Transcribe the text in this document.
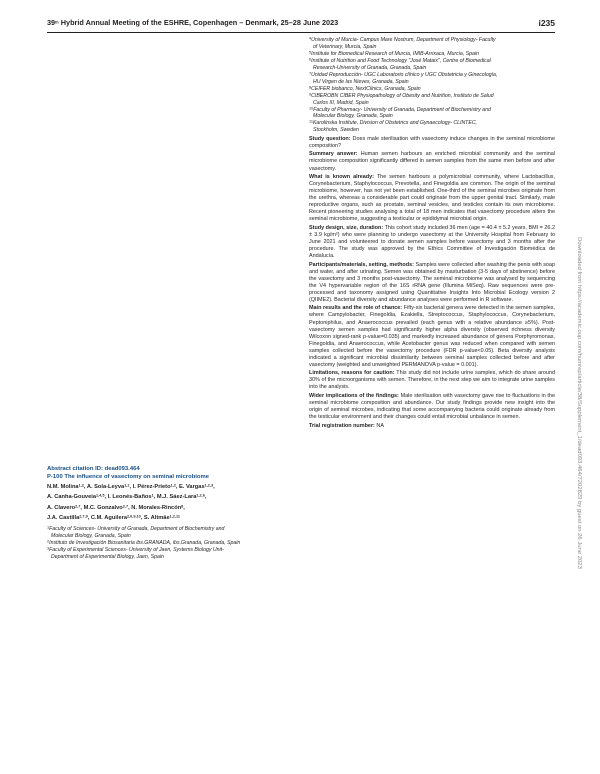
39th Hybrid Annual Meeting of the ESHRE, Copenhagen – Denmark, 25–28 June 2023	i235
Downloaded from https://academic.oup.com/humrep/article/38/Supplement_1/dead093.464/7202829 by guest on 26 June 2023

Abstract citation ID: dead093.464

P-100 The influence of vasectomy on seminal microbiome

N.M. Molina$^{1,2}$, A. Sola-Leyva$^{1,2}$, I. Pérez-Prieto$^{1,2}$, E. Vargas$^{1,2,3}$,

A. Canha-Gouveia$^{1,4,5}$, I. Leonés-Baños$^1$, M.J. Sáez-Lara$^{1,2,6}$,

A. Clavero$^{2,7}$, M.C. Gonzalvo$^{2,7}$, N. Morales-Rincón$^8$,

J.A. Castilla$^{2,7,9}$, C.M. Aguilera$^{2,6,9,10}$, S. Altmäe$^{1,2,11}$

$^1$Faculty of Sciences- University of Granada, Department of Biochemistry and

Molecular Biology, Granada, Spain

$^2$Instituto de Investigación Biosanitaria ibs.GRANADA, ibs.Granada, Granada, Spain

$^3$Faculty of Experimental Sciences- University of Jaen, Systems Biology Unit-

Department of Experimental Biology, Jaen, Spain

$^4$University of Murcia- Campus Mare Nostrum, Department of Physiology- Faculty

of Veterinary, Murcia, Spain

$^5$Institute for Biomedical Research of Murcia, IMIB-Arrixaca, Murcia, Spain

$^6$Institute of Nutrition and Food Technology "José Mataix", Centre of Biomedical

Research-University of Granada, Granada, Spain

$^7$Unidad Reproducción- UGC Laboratorio clínico y UGC Obstetricia y Ginecología,

HU Virgen de las Nieves, Granada, Spain

$^8$CEIFER biobanco, NextClinics, Granada, Spain

$^9$CIBEROBN CIBER Physiopathology of Obesity and Nutrition, Instituto de Salud

Carlos III, Madrid, Spain

$^{10}$Faculty of Pharmacy- University of Granada, Department of Biochemistry and

Molecular Biology, Granada, Spain

$^{11}$Karolinska Institute, Division of Obstetrics and Gynaecology- CLINTEC,

Stockholm, Sweden

Study question: Does male sterilisation with vasectomy induce changes in the seminal microbiome composition?

Summary answer: Human semen harbours an enriched microbial community and the seminal microbiome composition significantly differed in semen samples from the same men before and after vasectomy.

What is known already: The semen harbours a polymicrobial community, where Lactobacillus, Corynebacterium, Staphylococcus, Prevotella, and Finegoldia are common. The origin of the seminal microbiome, however, has not yet been established. One-third of the seminal microbes originate from the urethra, whereas a considerable part could originate from the upper genital tract. Similarly, male reproductive organs, such as prostate, seminal vesicles, and testicles contain its own microbiome. Recent pioneering studies analysing a total of 18 men indicates that vasectomy procedure alters the seminal microbiome, suggesting a testicular or epididymal microbial origin.

Study design, size, duration: This cohort study included 36 men (age = 40.4 ± 5.2 years, BMI = 26.2 ± 3.9 kg/m²) who were planning to undergo vasectomy at the University Hospital from February to June 2021 and volunteered to donate semen samples before vasectomy and 3 months after the procedure. The study was approved by the Ethics Committee of Investigación Biomédica de Andalucía.

Participants/materials, setting, methods: Samples were collected after washing the penis with soap and water, and after urinating. Semen was obtained by masturbation (3-5 days of abstinence) before the vasectomy and 3 months post-vasectomy. The seminal microbiome was analysed by sequencing the V4 hypervariable region of the 16S rRNA gene (Illumina MiSeq). Raw sequences were pre-processed and taxonomy assigned using Quantitative Insights Into Microbial Ecology version 2 (QIIME2). Bacterial diversity and abundance analyses were performed in R software.

Main results and the role of chance: Fifty-six bacterial genera were detected in the semen samples, where Campylobacter, Finegoldia, Ezakiella, Streptococcus, Staphylococcus, Corynebacterium, Peptoniphilus, and Anaerococcus prevailed (each genus with a relative abundance ≥5%). Post-vasectomy semen samples had significantly higher alpha diversity (observed richness diversity Wilcoxon signed-rank p-value=0.035) and markedly increased abundance of genera Porphyromonas, Finegoldia, and Anaerococcus, while Acetobacter genus was reduced when compared with semen samples collected before the vasectomy procedure (FDR p-value<0.05). Beta diversity analysis indicated a significant microbial dissimilarity between seminal samples collected before and after vasectomy (weighted and unweighted PERMANOVA p-value = 0.001).

Limitations, reasons for caution: This study did not include urine samples, which do share around 30% of the microorganisms with semen. Therefore, in the next step we aim to integrate urine samples into the analysis.

Wider implications of the findings: Male sterilisation with vasectomy gave rise to fluctuations in the seminal microbiome composition and abundance. Our study findings provide new insight into the origin of seminal microbes, indicating that some accompanying bacteria could originate already from the testicular environment and their changes could entail microbial unbalance in semen.

Trial registration number: NA
